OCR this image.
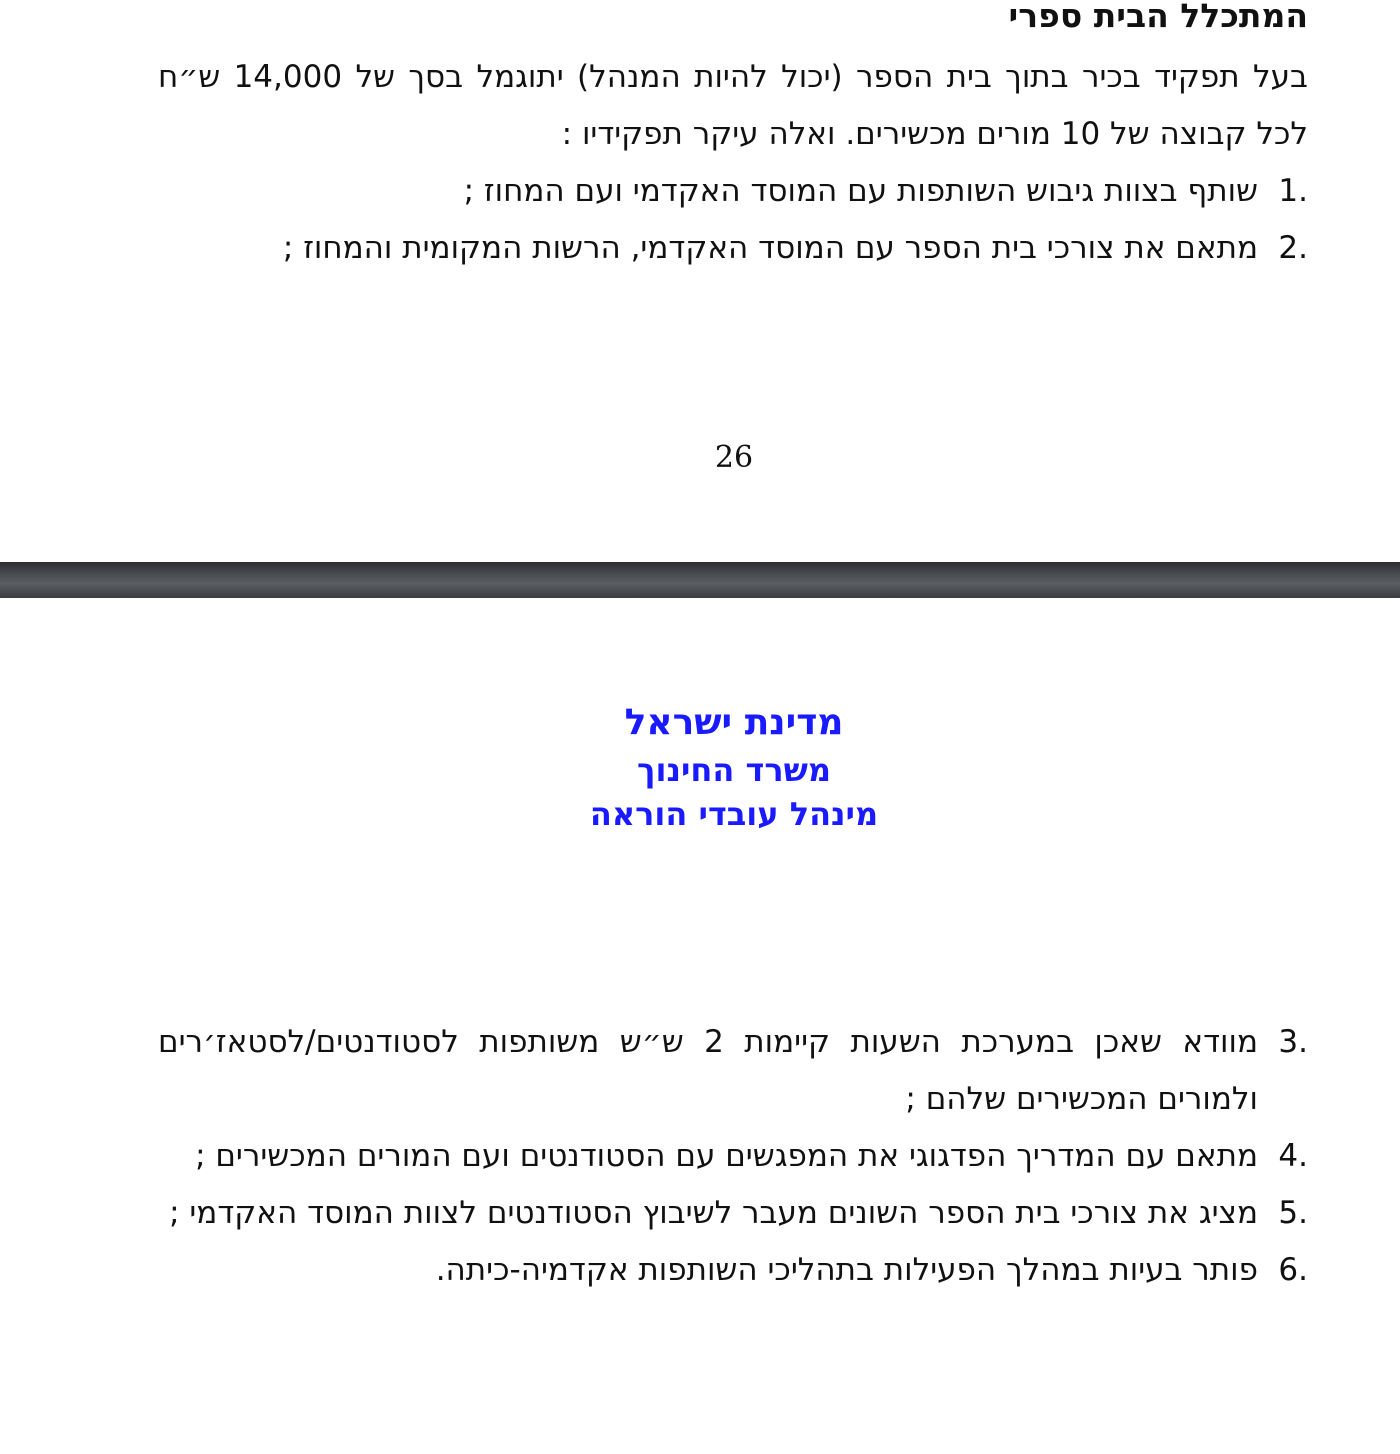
המתכלל הבית ספרי

בעל תפקיד בכיר בתוך בית הספר (יכול להיות המנהל) יתוגמל בסך של 14,000 ש״ח לכל קבוצה של 10 מורים מכשירים. ואלה עיקר תפקידיו :

1.
שותף בצוות גיבוש השותפות עם המוסד האקדמי ועם המחוז ;
2.
מתאם את צורכי בית הספר עם המוסד האקדמי, הרשות המקומית והמחוז ;
26
מדינת ישראל
משרד החינוך
מינהל עובדי הוראה
3.
מוודא שאכן במערכת השעות קיימות 2 ש״ש משותפות לסטודנטים/לסטאז׳רים ולמורים המכשירים שלהם ;
4.
מתאם עם המדריך הפדגוגי את המפגשים עם הסטודנטים ועם המורים המכשירים ;
5.
מציג את צורכי בית הספר השונים מעבר לשיבוץ הסטודנטים לצוות המוסד האקדמי ;
6.
פותר בעיות במהלך הפעילות בתהליכי השותפות אקדמיה-כיתה.
